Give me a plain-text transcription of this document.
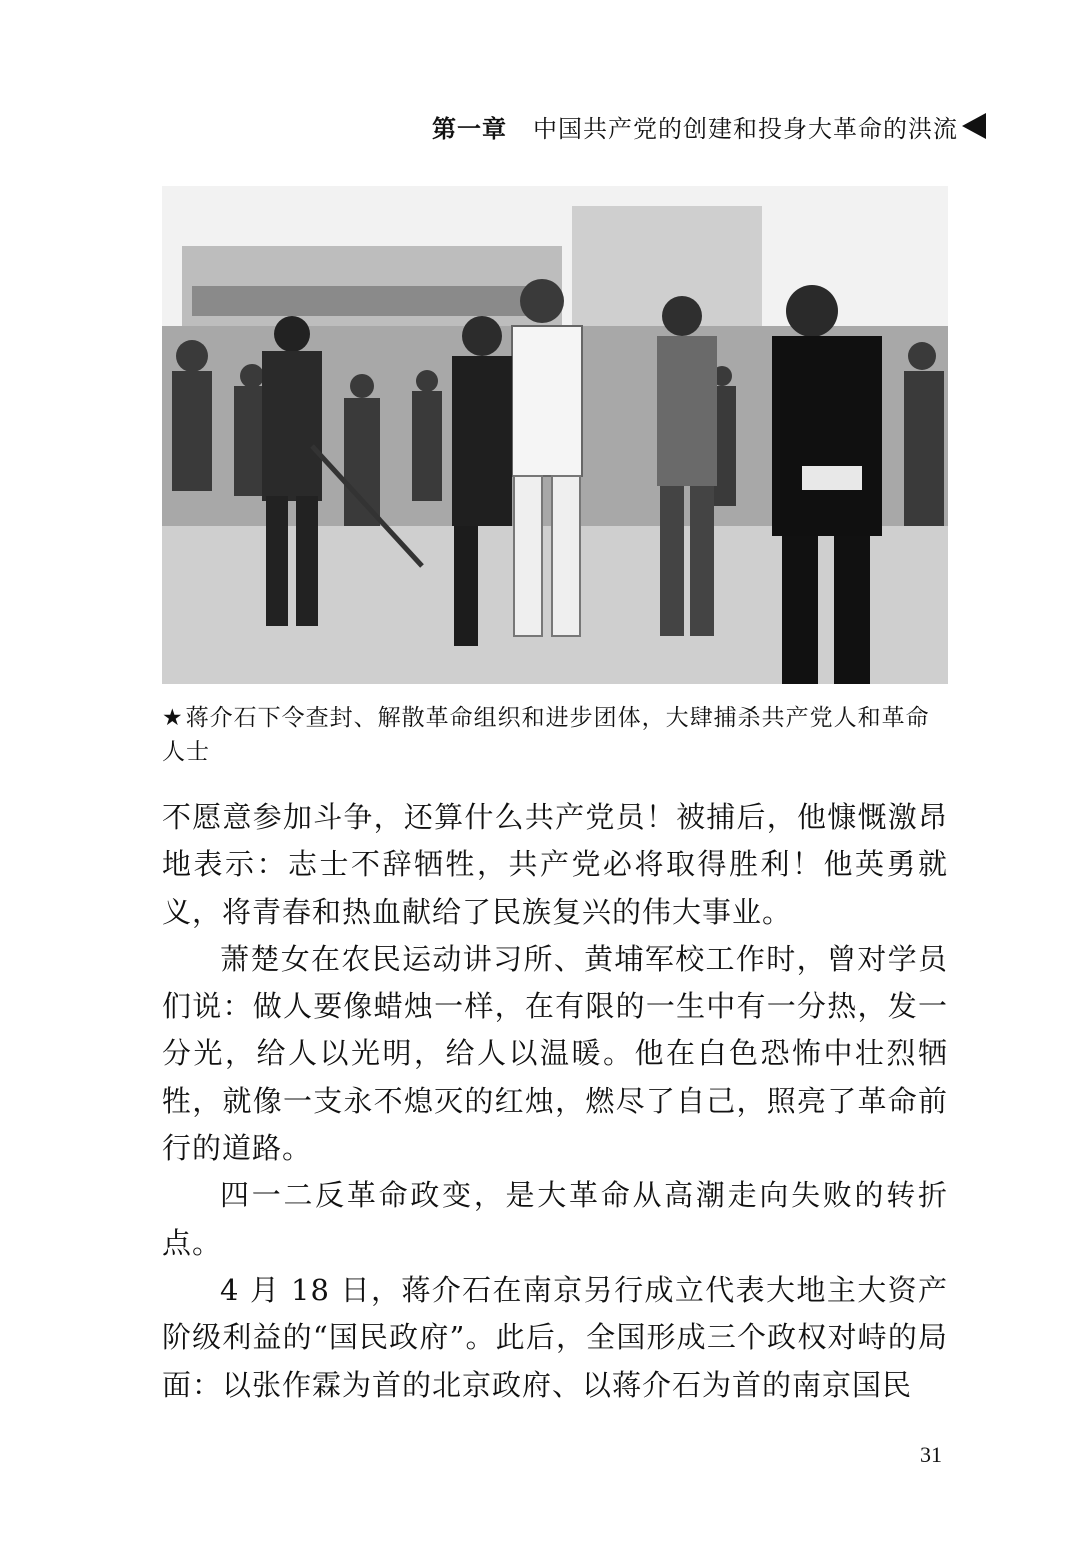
第一章 中国共产党的创建和投身大革命的洪流
★蒋介石下令查封、解散革命组织和进步团体，大肆捕杀共产党人和革命人士

不愿意参加斗争，还算什么共产党员！被捕后，他慷慨激昂地表示：志士不辞牺牲，共产党必将取得胜利！他英勇就义，将青春和热血献给了民族复兴的伟大事业。

萧楚女在农民运动讲习所、黄埔军校工作时，曾对学员们说：做人要像蜡烛一样，在有限的一生中有一分热，发一分光，给人以光明，给人以温暖。他在白色恐怖中壮烈牺牲，就像一支永不熄灭的红烛，燃尽了自己，照亮了革命前行的道路。

四一二反革命政变，是大革命从高潮走向失败的转折点。

4 月 18 日，蒋介石在南京另行成立代表大地主大资产阶级利益的“国民政府”。此后，全国形成三个政权对峙的局面：以张作霖为首的北京政府、以蒋介石为首的南京国民

31
